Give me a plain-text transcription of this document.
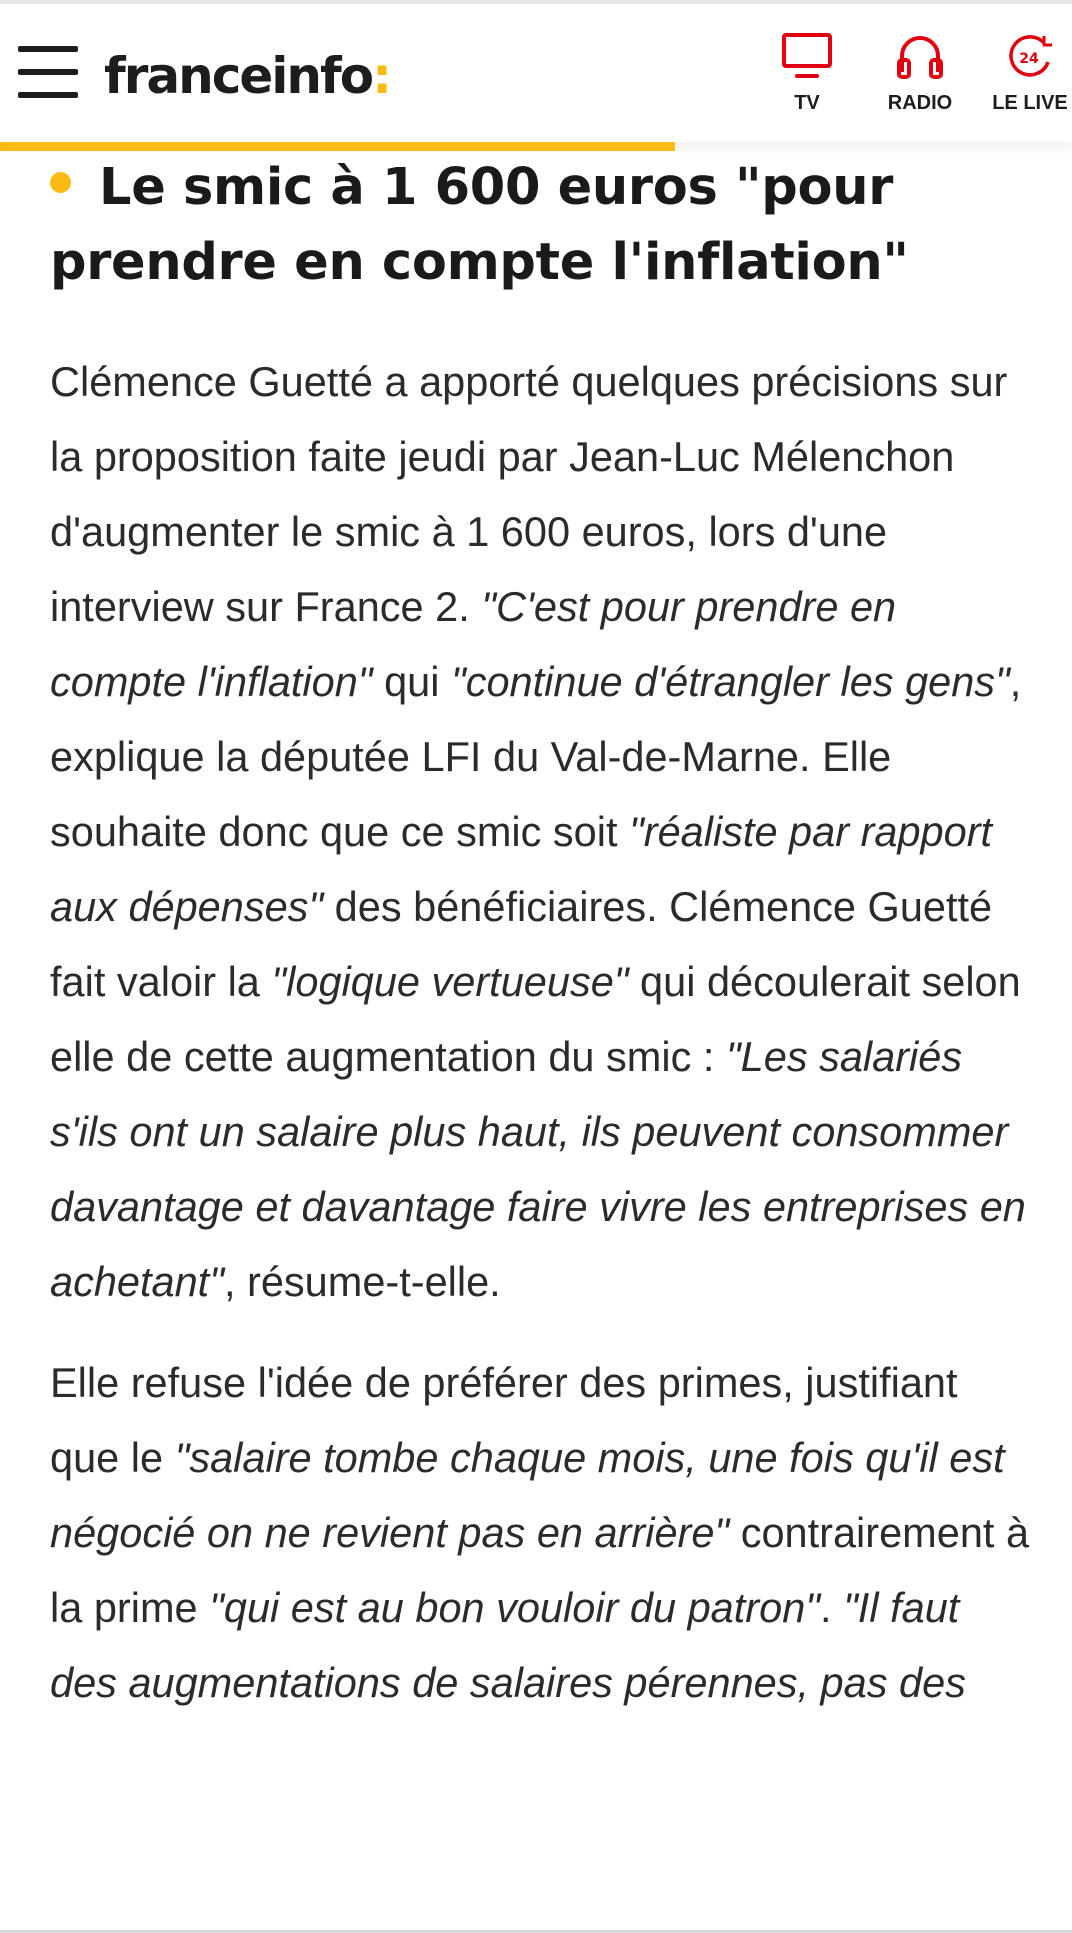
franceinfo:	TV	RADIO
24
LE LIVE
Le smic à 1 600 euros "pour prendre en compte l'inflation"

Clémence Guetté a apporté quelques précisions sur la proposition faite jeudi par Jean-Luc Mélenchon d'augmenter le smic à 1 600 euros, lors d'une interview sur France 2. "C'est pour prendre en compte l'inflation" qui "continue d'étrangler les gens", explique la députée LFI du Val-de-Marne. Elle souhaite donc que ce smic soit "réaliste par rapport aux dépenses" des bénéficiaires. Clémence Guetté fait valoir la "logique vertueuse" qui découlerait selon elle de cette augmentation du smic : "Les salariés s'ils ont un salaire plus haut, ils peuvent consommer davantage et davantage faire vivre les entreprises en achetant", résume-t-elle.

Elle refuse l'idée de préférer des primes, justifiant que le "salaire tombe chaque mois, une fois qu'il est négocié on ne revient pas en arrière" contrairement à la prime "qui est au bon vouloir du patron". "Il faut des augmentations de salaires pérennes, pas des
